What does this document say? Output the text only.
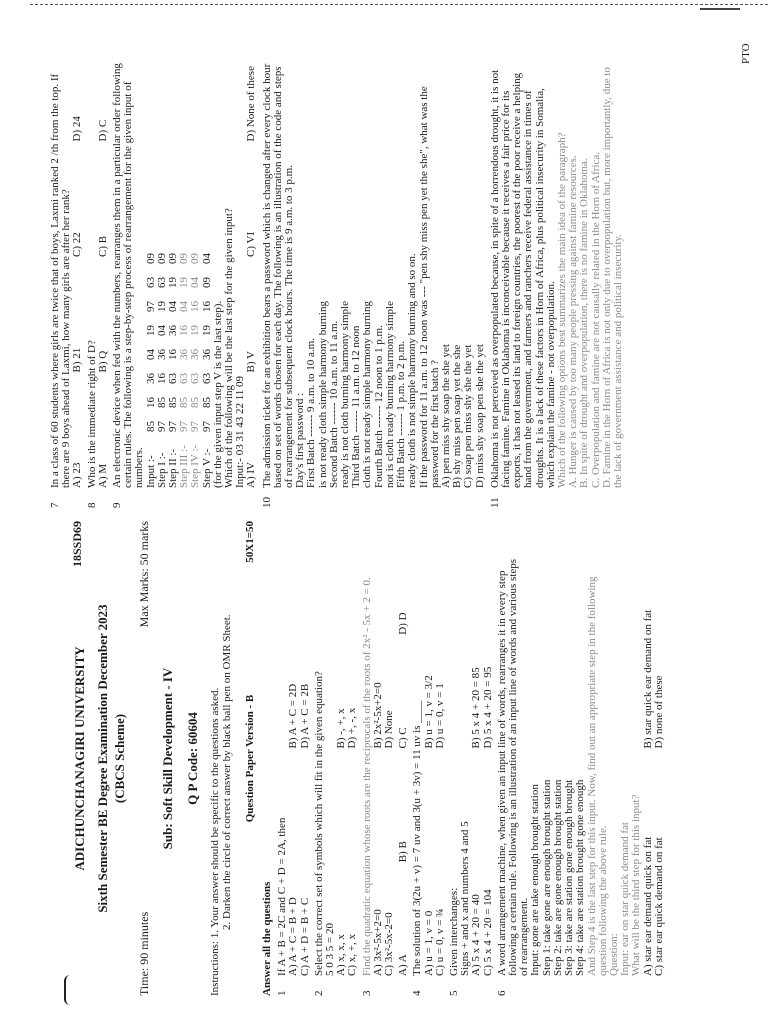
ADICHUNCHANAGIRI UNIVERSITY
18SSD69
Sixth Semester BE Degree Examination December 2023 (CBCS Scheme)
Time: 90 minutes
Max Marks: 50 marks
Sub: Soft Skill Development - IV Q P Code: 60604 Instructions: 1. Your answer should be specific to the questions asked. 2. Darken the circle of correct answer by black ball pen on OMR Sheet. Question Paper Version - B
50X1=50
Answer all the questions 1
If A + B = 2C and C + D = 2A, then A) A + C = B + D
B) A + C = 2D
C) A + D = B + C
D) A + C = 2B
2
Select the correct set of symbols which will fit in the given equation? 5 0 3 5 = 20 A) x, x, x
B) -, +, x
C) x, +, x
D) +, -, x
3
Find the quadratic equation whose roots are the reciprocals of the roots of 2x² - 5x + 2 = 0. A) 3x²-5x+2=0
B) 2x²-5x+2=0
C) 3x²-5x-2=0
D) None
A) A
B) B
C) C
D) D
4
The solution of 3(2u + v) = 7 uv and 3(u + 3v) = 11 uv is ____ A) u = 1, v = 0
B) u = 1, v = 3/2
C) u = 0, v = ¾
D) u = 0, v = 1
5
Given interchanges: Signs + and x and numbers 4 and 5 A) 5 x 4 + 20 = 40
B) 5 x 4 + 20 = 85
C) 5 x 4 + 20 = 104
D) 5 x 4 + 20 = 95
6
A word arrangement machine, when given an input line of words, rearranges it in every step following a certain rule. Following is an illustration of an input line of words and various steps of rearrangement. Input: gone are take enough brought station Step 1: take gone are enough brought station Step 2: take are gone enough brought station Step 3: take are station gone enough brought Step 4: take are station brought gone enough And Step 4 is the last step for this input. Now, find out an appropriate step in the following question following the above rule. Question: Input: ear on star quick demand fat What will be the third step for this input? A) star ear demand quick on fat
B) star quick ear demand on fat
C) star ear quick demand on fat
D) none of these
7
In a class of 60 students where girls are twice that of boys, Laxmi ranked 2 /th from the top. If there are 9 boys ahead of Laxmi, how many girls are after her rank? A) 23
B) 21
C) 22
D) 24
8
Who is the immediate right of D? A) M
B) Q
C) B
D) C
9
An electronic device when fed with the numbers, rearranges them in a particular order following certain rules. The following is a step-by-step process of rearrangement for the given input of numbers. Input :-8516360419976309
Step I :-9785163604196309
Step II :-9785631636041909
Step III :-9785633616041909
Step IV :-9785633619160409
Step V :-9785633619160904
(for the given input step V is the last step). Which of the following will be the last step for the given input? Input:- 03 31 43 22 11 09 A) IV
B) V
C) VI
D) None of these
10
The admission ticket for an exhibition bears a password which is changed after every clock hour based on set of words chosen for each day. The following is an illustration of the code and steps of rearrangement for subsequent clock hours. The time is 9 a.m. to 3 p.m. Day's first password : First Batch ------ 9 a.m. to 10 a.m. is not ready cloth simple harmony burning Second Batch ------ 10 a.m. to 11 a.m. ready is not cloth burning harmony simple Third Batch ------ 11 a.m. to 12 noon cloth is not ready simple harmony burning Fourth Batch ------ 12 noon to 1 p.m. not is cloth ready burning harmony simple Fifth Batch ------ 1 p.m. to 2 p.m. ready cloth is not simple harmony burning and so on. If the password for 11 a.m. to 12 noon was --- "pen shy miss pen yet the she", what was the password for the first batch ? A) pen miss shy soap the she yet B) shy miss pen soap yet the she C) soap pen miss shy she the yet D) miss shy soap pen she the yet
11
Oklahoma is not perceived as overpopulated because, in spite of a horrendous drought, it is not facing famine. Famine in Oklahoma is inconceivable because it receives a fair price for its exports, it has not leased its land to foreign countries, the poorest of the poor receive a helping hand from the government, and farmers and ranchers receive federal assistance in times of droughts. It is a lack of these factors in Horn of Africa, plus political insecurity in Somalia, which explain the famine - not overpopulation. Which of the following options best summarizes the main idea of the paragraph? A. Hunger is caused by too many people pressing against famine resources. B. In spite of drought and overpopulation, there is no famine in Oklahoma. C. Overpopulation and famine are not causally related in the Horn of Africa. D. Famine in the Horn of Africa is not only due to overpopulation but, more importantly, due to the lack of government assistance and political insecurity.
PTO
